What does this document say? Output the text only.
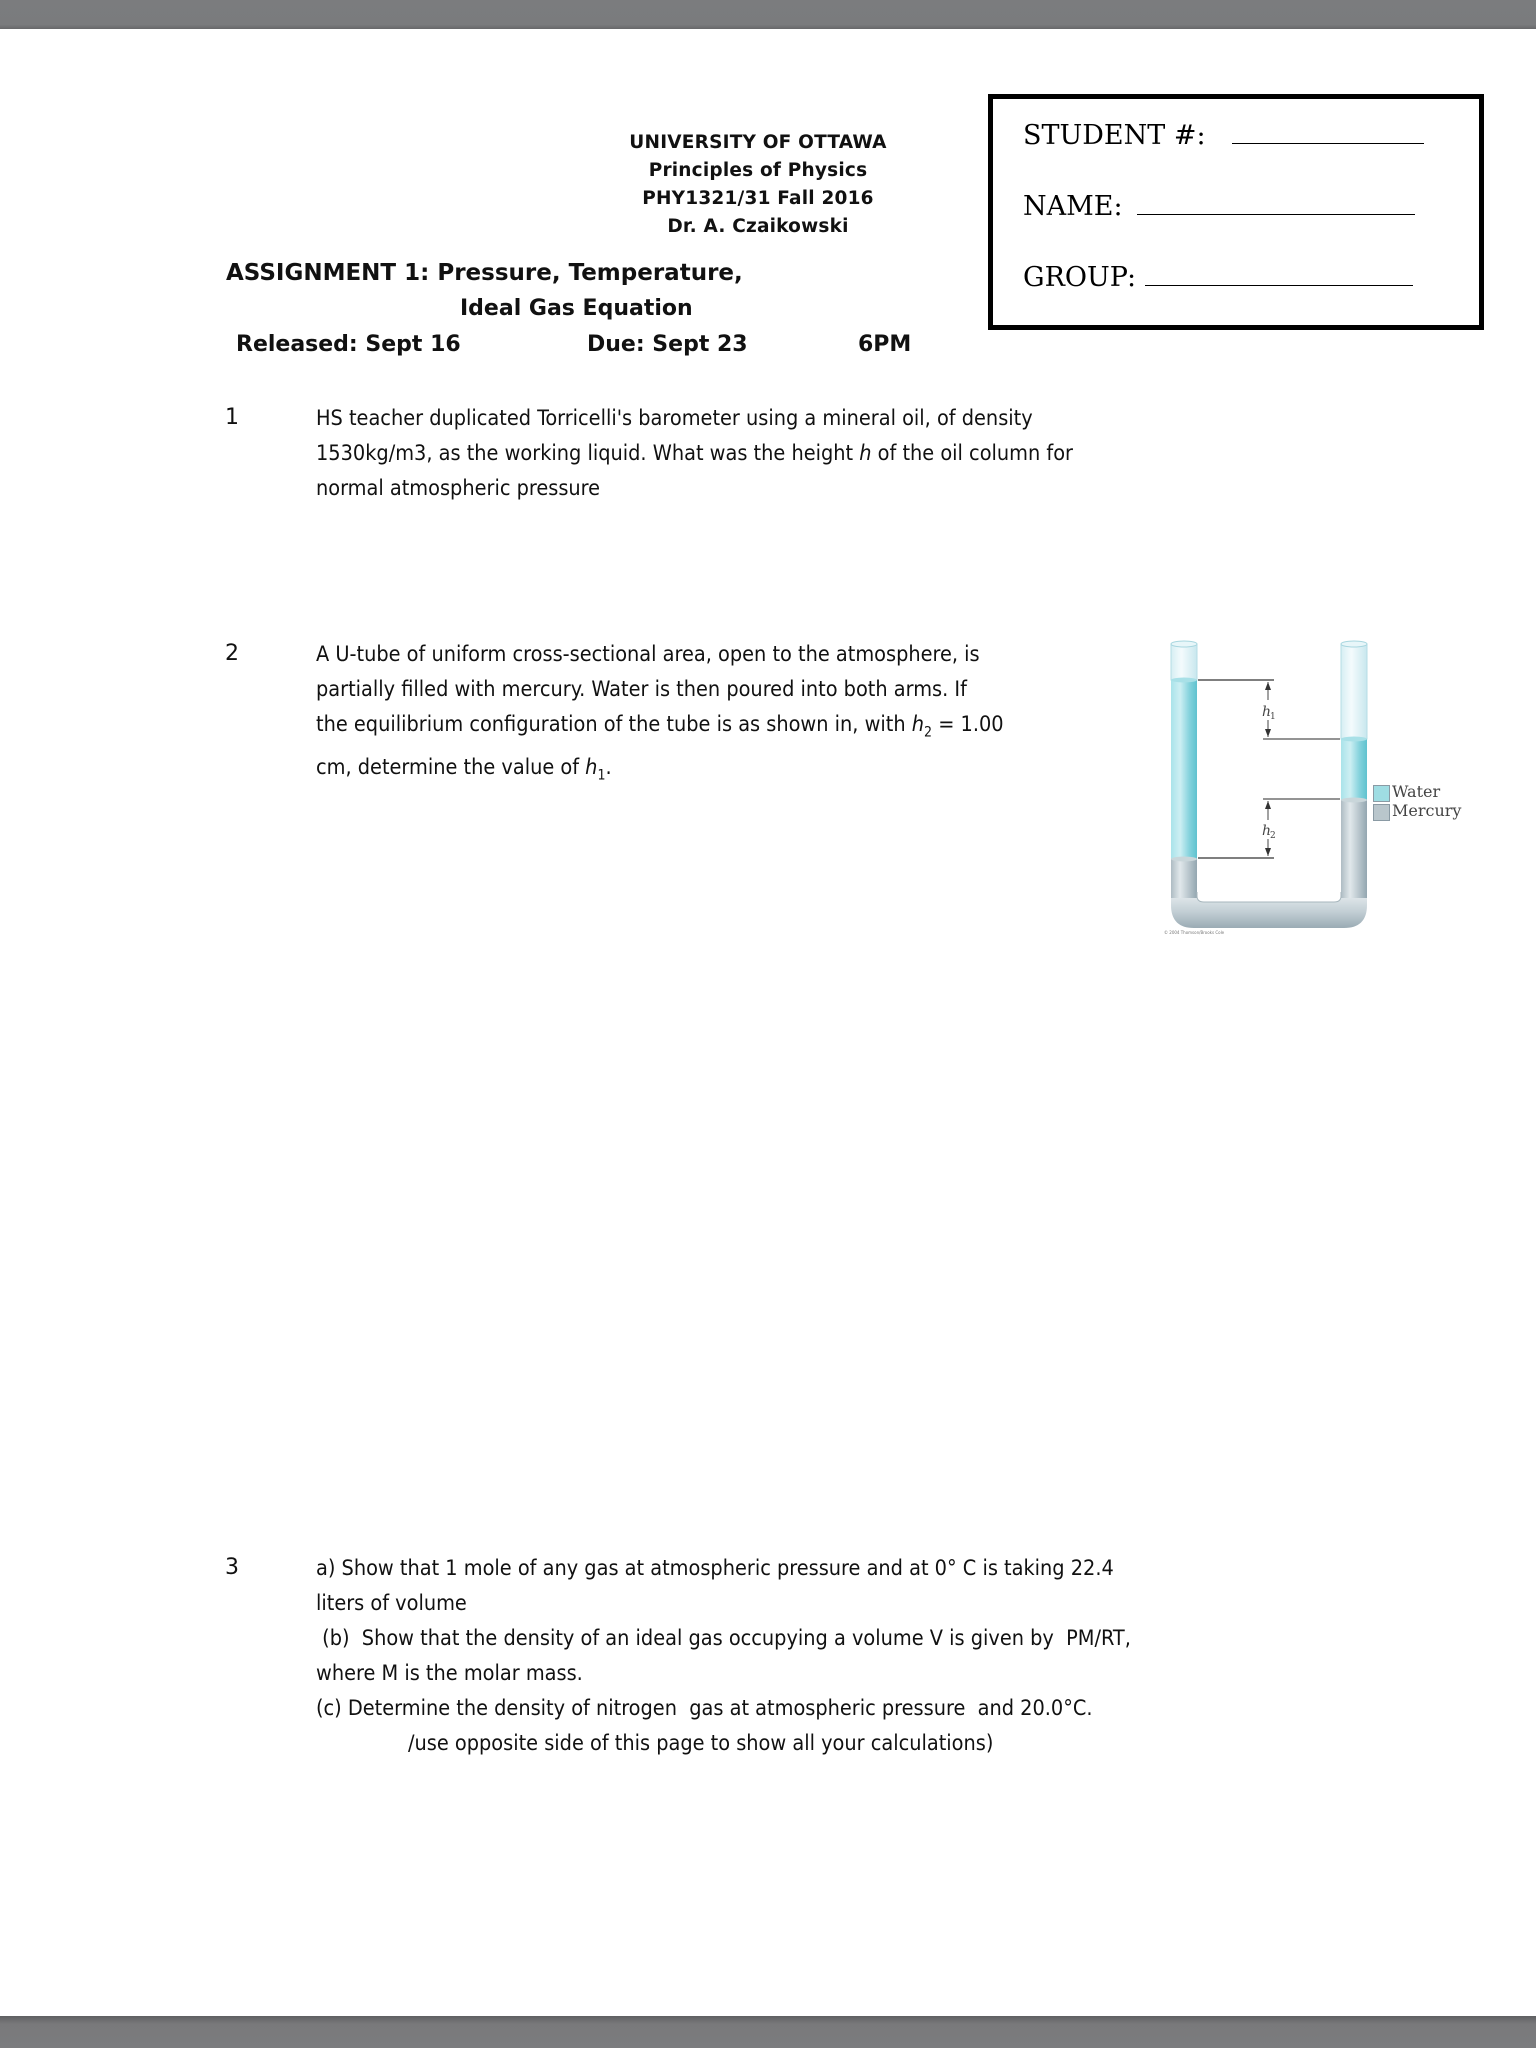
UNIVERSITY OF OTTAWA
Principles of Physics
PHY1321/31 Fall 2016
Dr. A. Czaikowski
STUDENT #:
NAME:
GROUP:
ASSIGNMENT 1: Pressure, Temperature,
Ideal Gas Equation
Released: Sept 16	Due: Sept 23	6PM
1	HS teacher duplicated Torricelli's barometer using a mineral oil, of density
1530kg/m3, as the working liquid. What was the height h of the oil column for
normal atmospheric pressure
2	A U-tube of uniform cross-sectional area, open to the atmosphere, is
partially filled with mercury. Water is then poured into both arms. If
the equilibrium configuration of the tube is as shown in, with $h_2 = 1.00$
cm, determine the value of $h_1$.
h
1
h
2
© 2004 Thomson/Brooks Cole
Water
Mercury
3	a) Show that 1 mole of any gas at atmospheric pressure and at 0° C is taking 22.4
liters of volume
(b)  Show that the density of an ideal gas occupying a volume V is given by  PM/RT,
where M is the molar mass.
(c) Determine the density of nitrogen  gas at atmospheric pressure  and 20.0°C.
/use opposite side of this page to show all your calculations)
